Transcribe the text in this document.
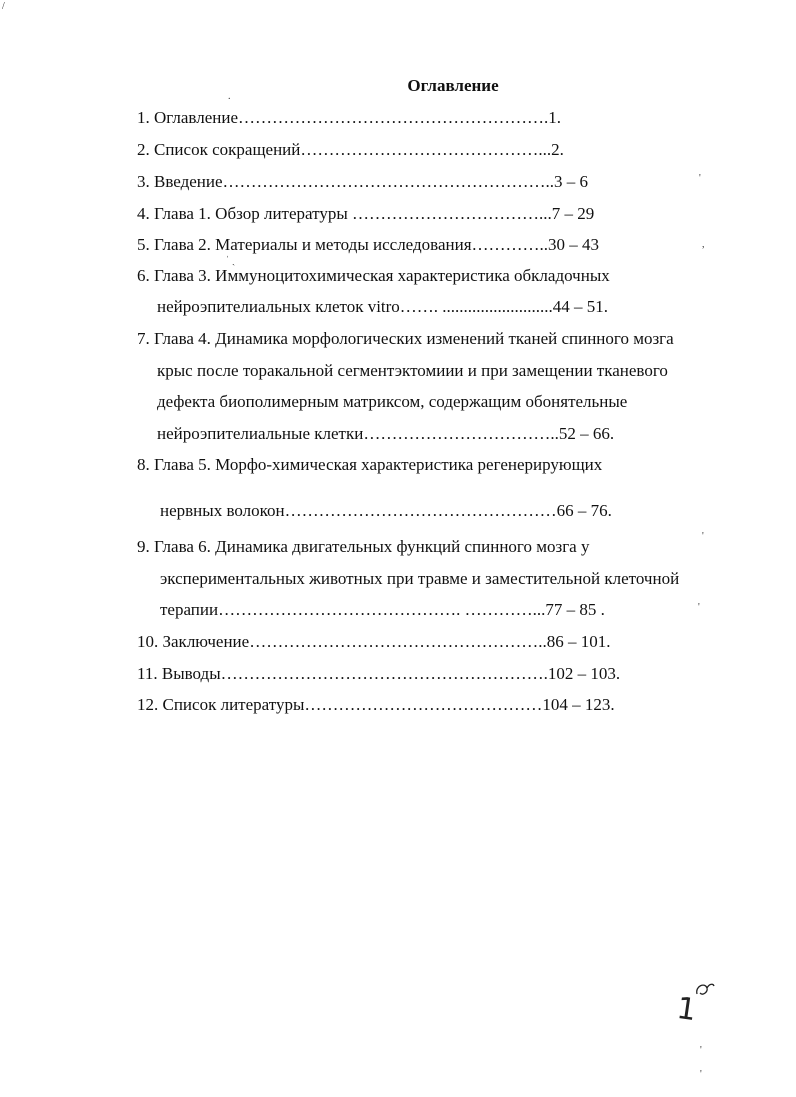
Оглавление
1. Оглавление……………………………………………….1.
2. Список сокращений……………………………………...2.
3. Введение…………………………………………………..3 – 6
4. Глава 1. Обзор литературы ……………………………...7 – 29
5. Глава 2. Материалы и методы исследования…………..30 – 43
6. Глава 3. Иммуноцитохимическая характеристика обкладочных
нейроэпителиальных клеток vitro……. ..........................44 – 51.
7. Глава 4. Динамика морфологических изменений тканей спинного мозга
крыс после торакальной сегментэктомиии и при замещении тканевого
дефекта биополимерным матриксом, содержащим обонятельные
нейроэпителиальные клетки……………………………..52 – 66.
8. Глава 5. Морфо-химическая характеристика регенерирующих
нервных волокон…………………………………………66 – 76.
9. Глава 6. Динамика двигательных функций спинного мозга у
экспериментальных животных при травме и заместительной клеточной
терапии……………………………………. …………...77 – 85 .
10. Заключение……………………………………………..86 – 101.
11. Выводы………………………………………………….102 – 103.
12. Список литературы……………………………………104 – 123.
/
.
ˈ ˏ
'
,
'
'
'
'
1
